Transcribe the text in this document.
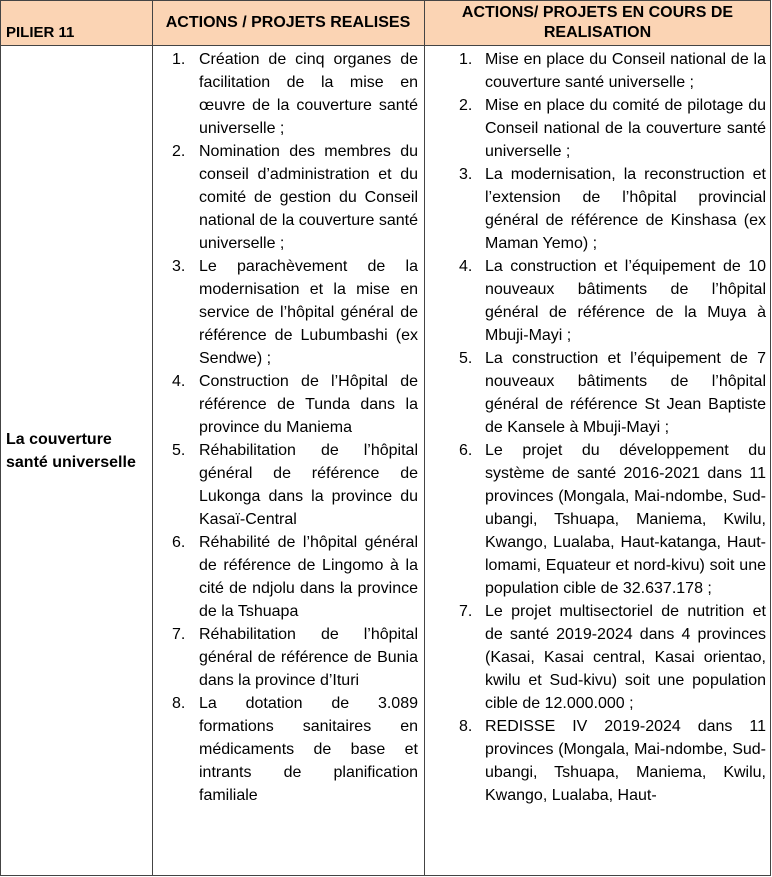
PILIER 11
ACTIONS / PROJETS REALISES
ACTIONS/ PROJETS EN COURS DE REALISATION
La couverture santé universelle
1. Création de cinq organes de facilitation de la mise en œuvre de la couverture santé universelle ;
2. Nomination des membres du conseil d’administration et du comité de gestion du Conseil national de la couverture santé universelle ;
3. Le parachèvement de la modernisation et la mise en service de l’hôpital général de référence de Lubumbashi (ex Sendwe) ;
4. Construction de l’Hôpital de référence de Tunda dans la province du Maniema
5. Réhabilitation de l’hôpital général de référence de Lukonga dans la province du Kasaï-Central
6. Réhabilité de l’hôpital général de référence de Lingomo à la cité de ndjolu dans la province de la Tshuapa
7. Réhabilitation de l’hôpital général de référence de Bunia dans la province d’Ituri
8. La dotation de 3.089 formations sanitaires en médicaments de base et intrants de planification familiale
1. Mise en place du Conseil national de la couverture santé universelle ;
2. Mise en place du comité de pilotage du Conseil national de la couverture santé universelle ;
3. La modernisation, la reconstruction et l’extension de l’hôpital provincial général de référence de Kinshasa (ex Maman Yemo) ;
4. La construction et l’équipement de 10 nouveaux bâtiments de l’hôpital général de référence de la Muya à Mbuji-Mayi ;
5. La construction et l’équipement de 7 nouveaux bâtiments de l’hôpital général de référence St Jean Baptiste de Kansele à Mbuji-Mayi ;
6. Le projet du développement du système de santé 2016-2021 dans 11 provinces (Mongala, Mai-ndombe, Sud-ubangi, Tshuapa, Maniema, Kwilu, Kwango, Lualaba, Haut-katanga, Haut-lomami, Equateur et nord-kivu) soit une population cible de 32.637.178 ;
7. Le projet multisectoriel de nutrition et de santé 2019-2024 dans 4 provinces (Kasai, Kasai central, Kasai orientao, kwilu et Sud-kivu) soit une population cible de 12.000.000 ;
8. REDISSE IV 2019-2024 dans 11 provinces (Mongala, Mai-ndombe, Sud-ubangi, Tshuapa, Maniema, Kwilu, Kwango, Lualaba, Haut-
